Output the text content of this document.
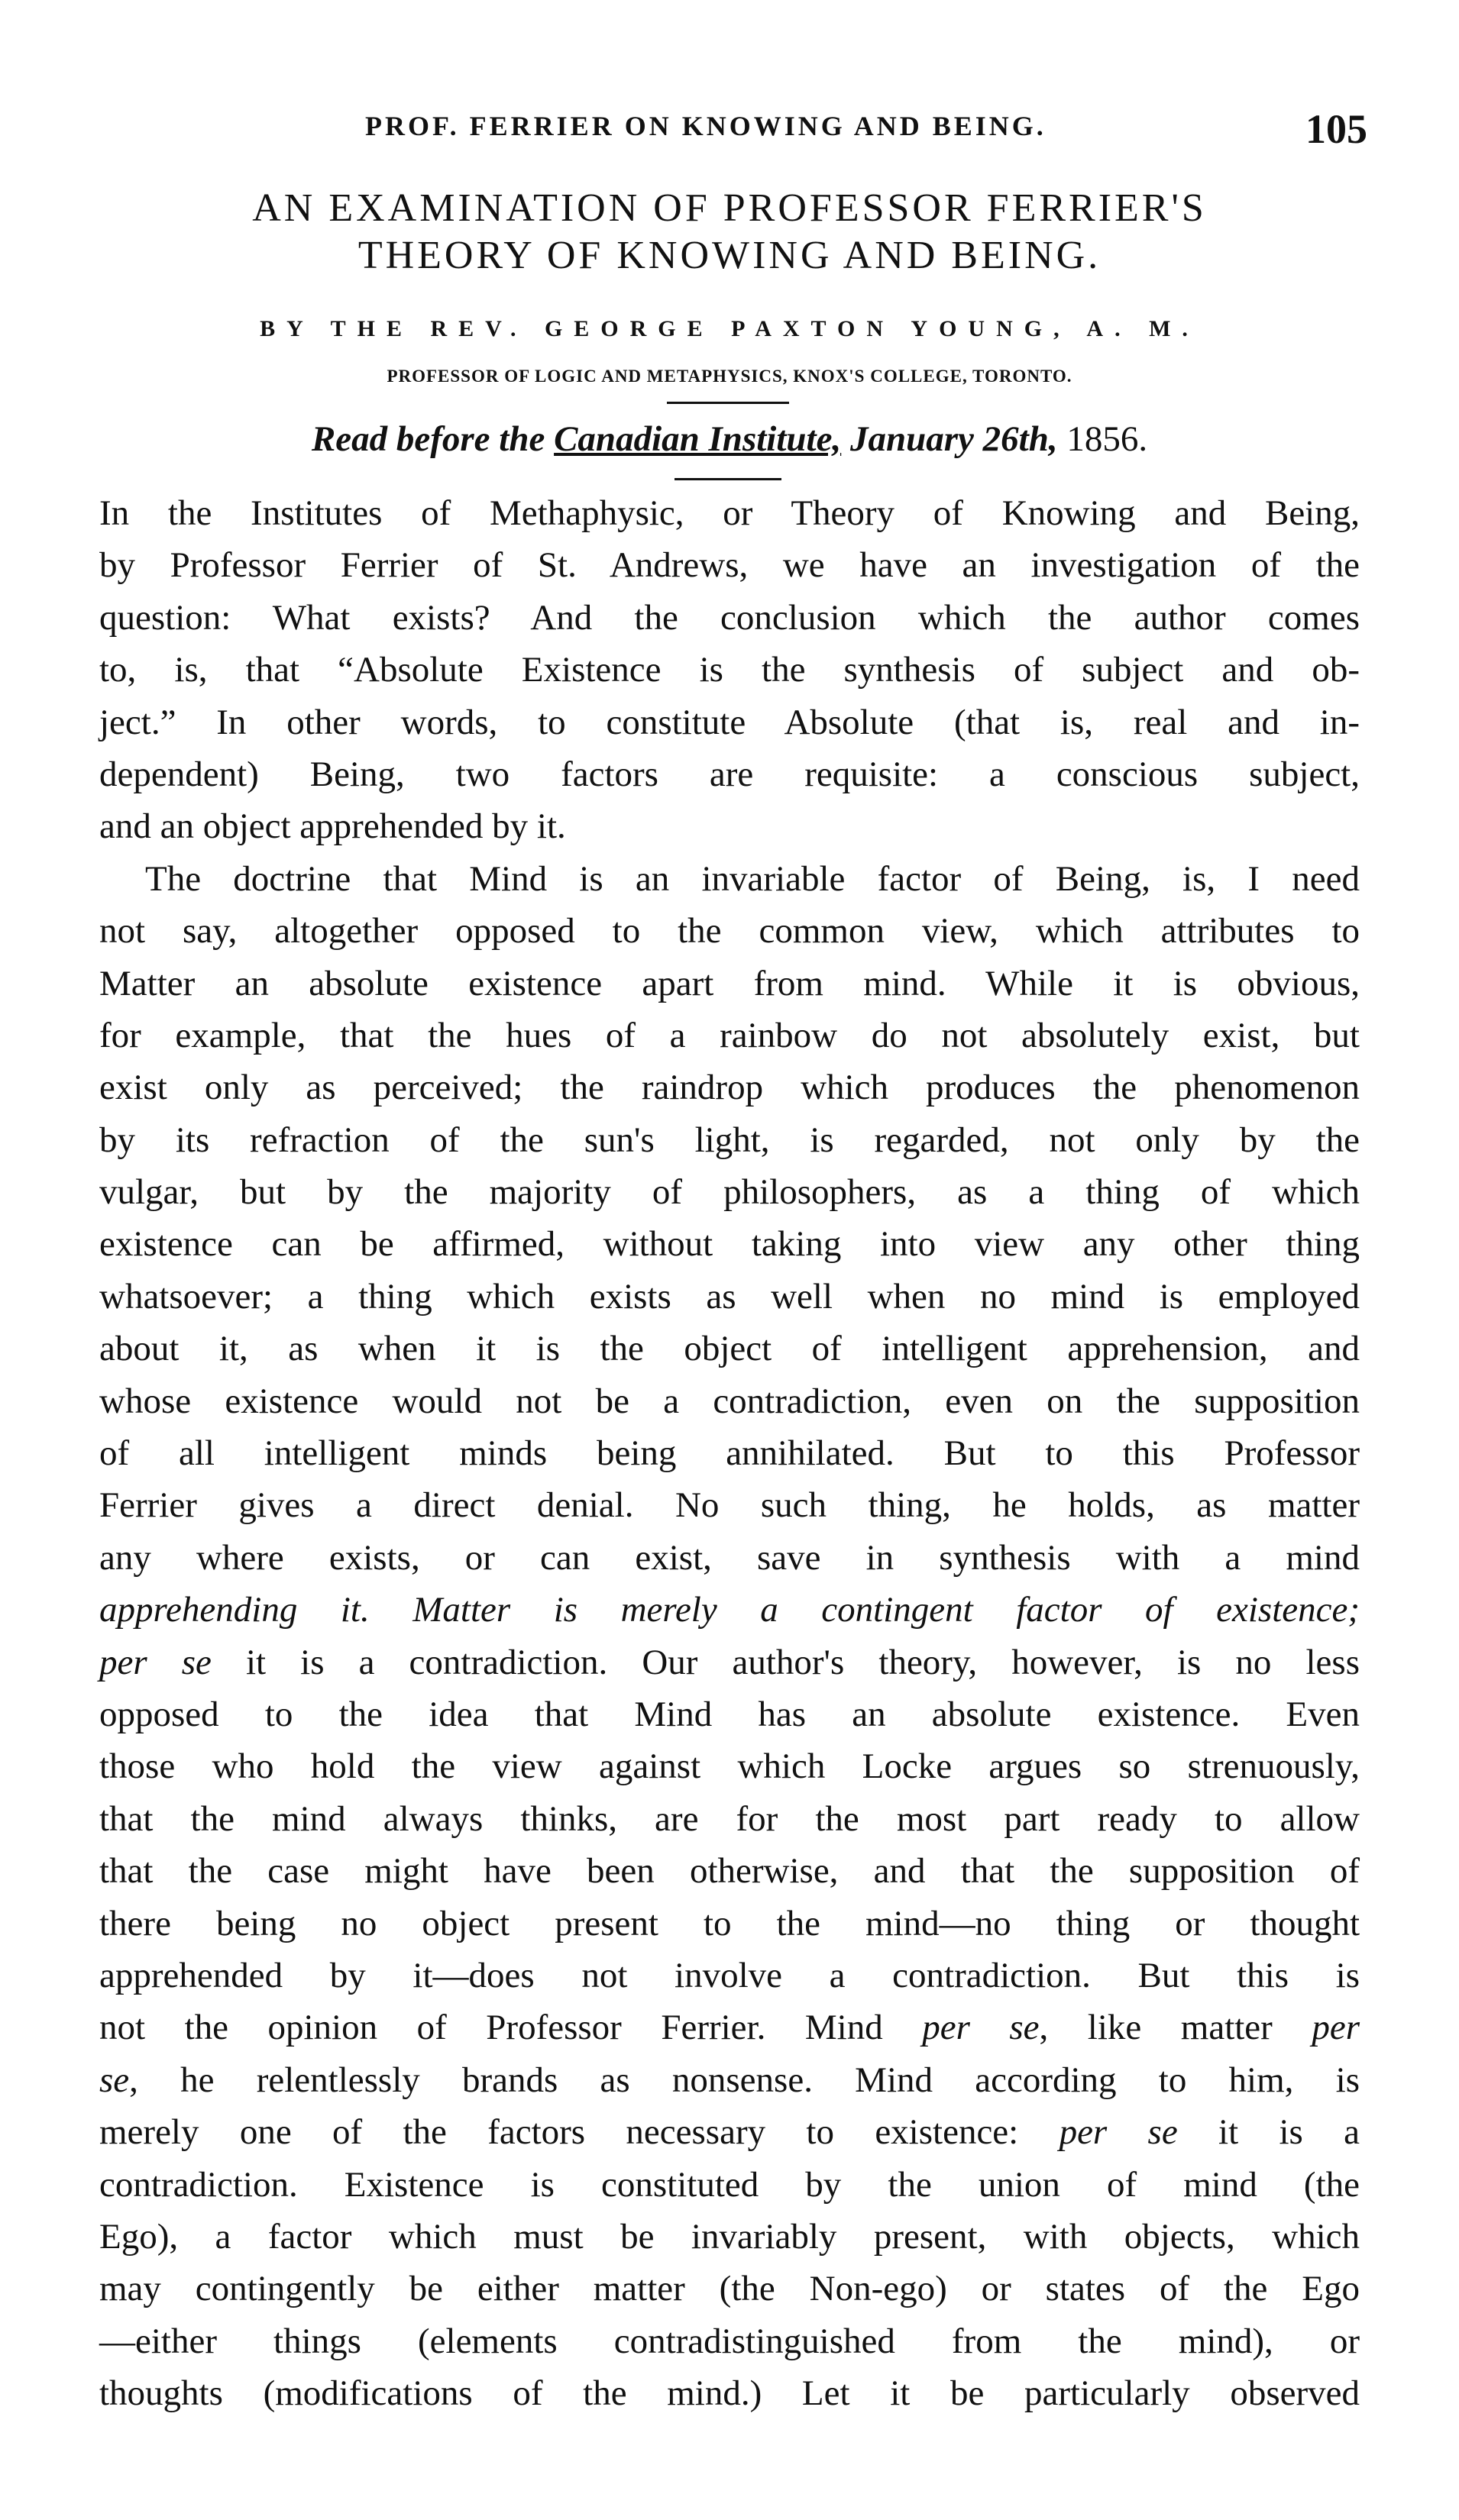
PROF. FERRIER ON KNOWING AND BEING.	105
AN EXAMINATION OF PROFESSOR FERRIER'S
THEORY OF KNOWING AND BEING.
BY THE REV. GEORGE PAXTON YOUNG, A. M.
PROFESSOR OF LOGIC AND METAPHYSICS, KNOX'S COLLEGE, TORONTO.
Read before the Canadian Institute, January 26th, 1856.
In the Institutes of Methaphysic, or Theory of Knowing and Being,
by Professor Ferrier of St. Andrews, we have an investigation of the
question: What exists? And the conclusion which the author comes
to, is, that “Absolute Existence is the synthesis of subject and ob-
ject.” In other words, to constitute Absolute (that is, real and in-
dependent) Being, two factors are requisite: a conscious subject,
and an object apprehended by it.
The doctrine that Mind is an invariable factor of Being, is, I need
not say, altogether opposed to the common view, which attributes to
Matter an absolute existence apart from mind. While it is obvious,
for example, that the hues of a rainbow do not absolutely exist, but
exist only as perceived; the raindrop which produces the phenomenon
by its refraction of the sun's light, is regarded, not only by the
vulgar, but by the majority of philosophers, as a thing of which
existence can be affirmed, without taking into view any other thing
whatsoever; a thing which exists as well when no mind is employed
about it, as when it is the object of intelligent apprehension, and
whose existence would not be a contradiction, even on the supposition
of all intelligent minds being annihilated. But to this Professor
Ferrier gives a direct denial. No such thing, he holds, as matter
any where exists, or can exist, save in synthesis with a mind
apprehending it. Matter is merely a contingent factor of existence;
per se it is a contradiction. Our author's theory, however, is no less
opposed to the idea that Mind has an absolute existence. Even
those who hold the view against which Locke argues so strenuously,
that the mind always thinks, are for the most part ready to allow
that the case might have been otherwise, and that the supposition of
there being no object present to the mind—no thing or thought
apprehended by it—does not involve a contradiction. But this is
not the opinion of Professor Ferrier. Mind per se, like matter per
se, he relentlessly brands as nonsense. Mind according to him, is
merely one of the factors necessary to existence: per se it is a
contradiction. Existence is constituted by the union of mind (the
Ego), a factor which must be invariably present, with objects, which
may contingently be either matter (the Non-ego) or states of the Ego
—either things (elements contradistinguished from the mind), or
thoughts (modifications of the mind.) Let it be particularly observed
